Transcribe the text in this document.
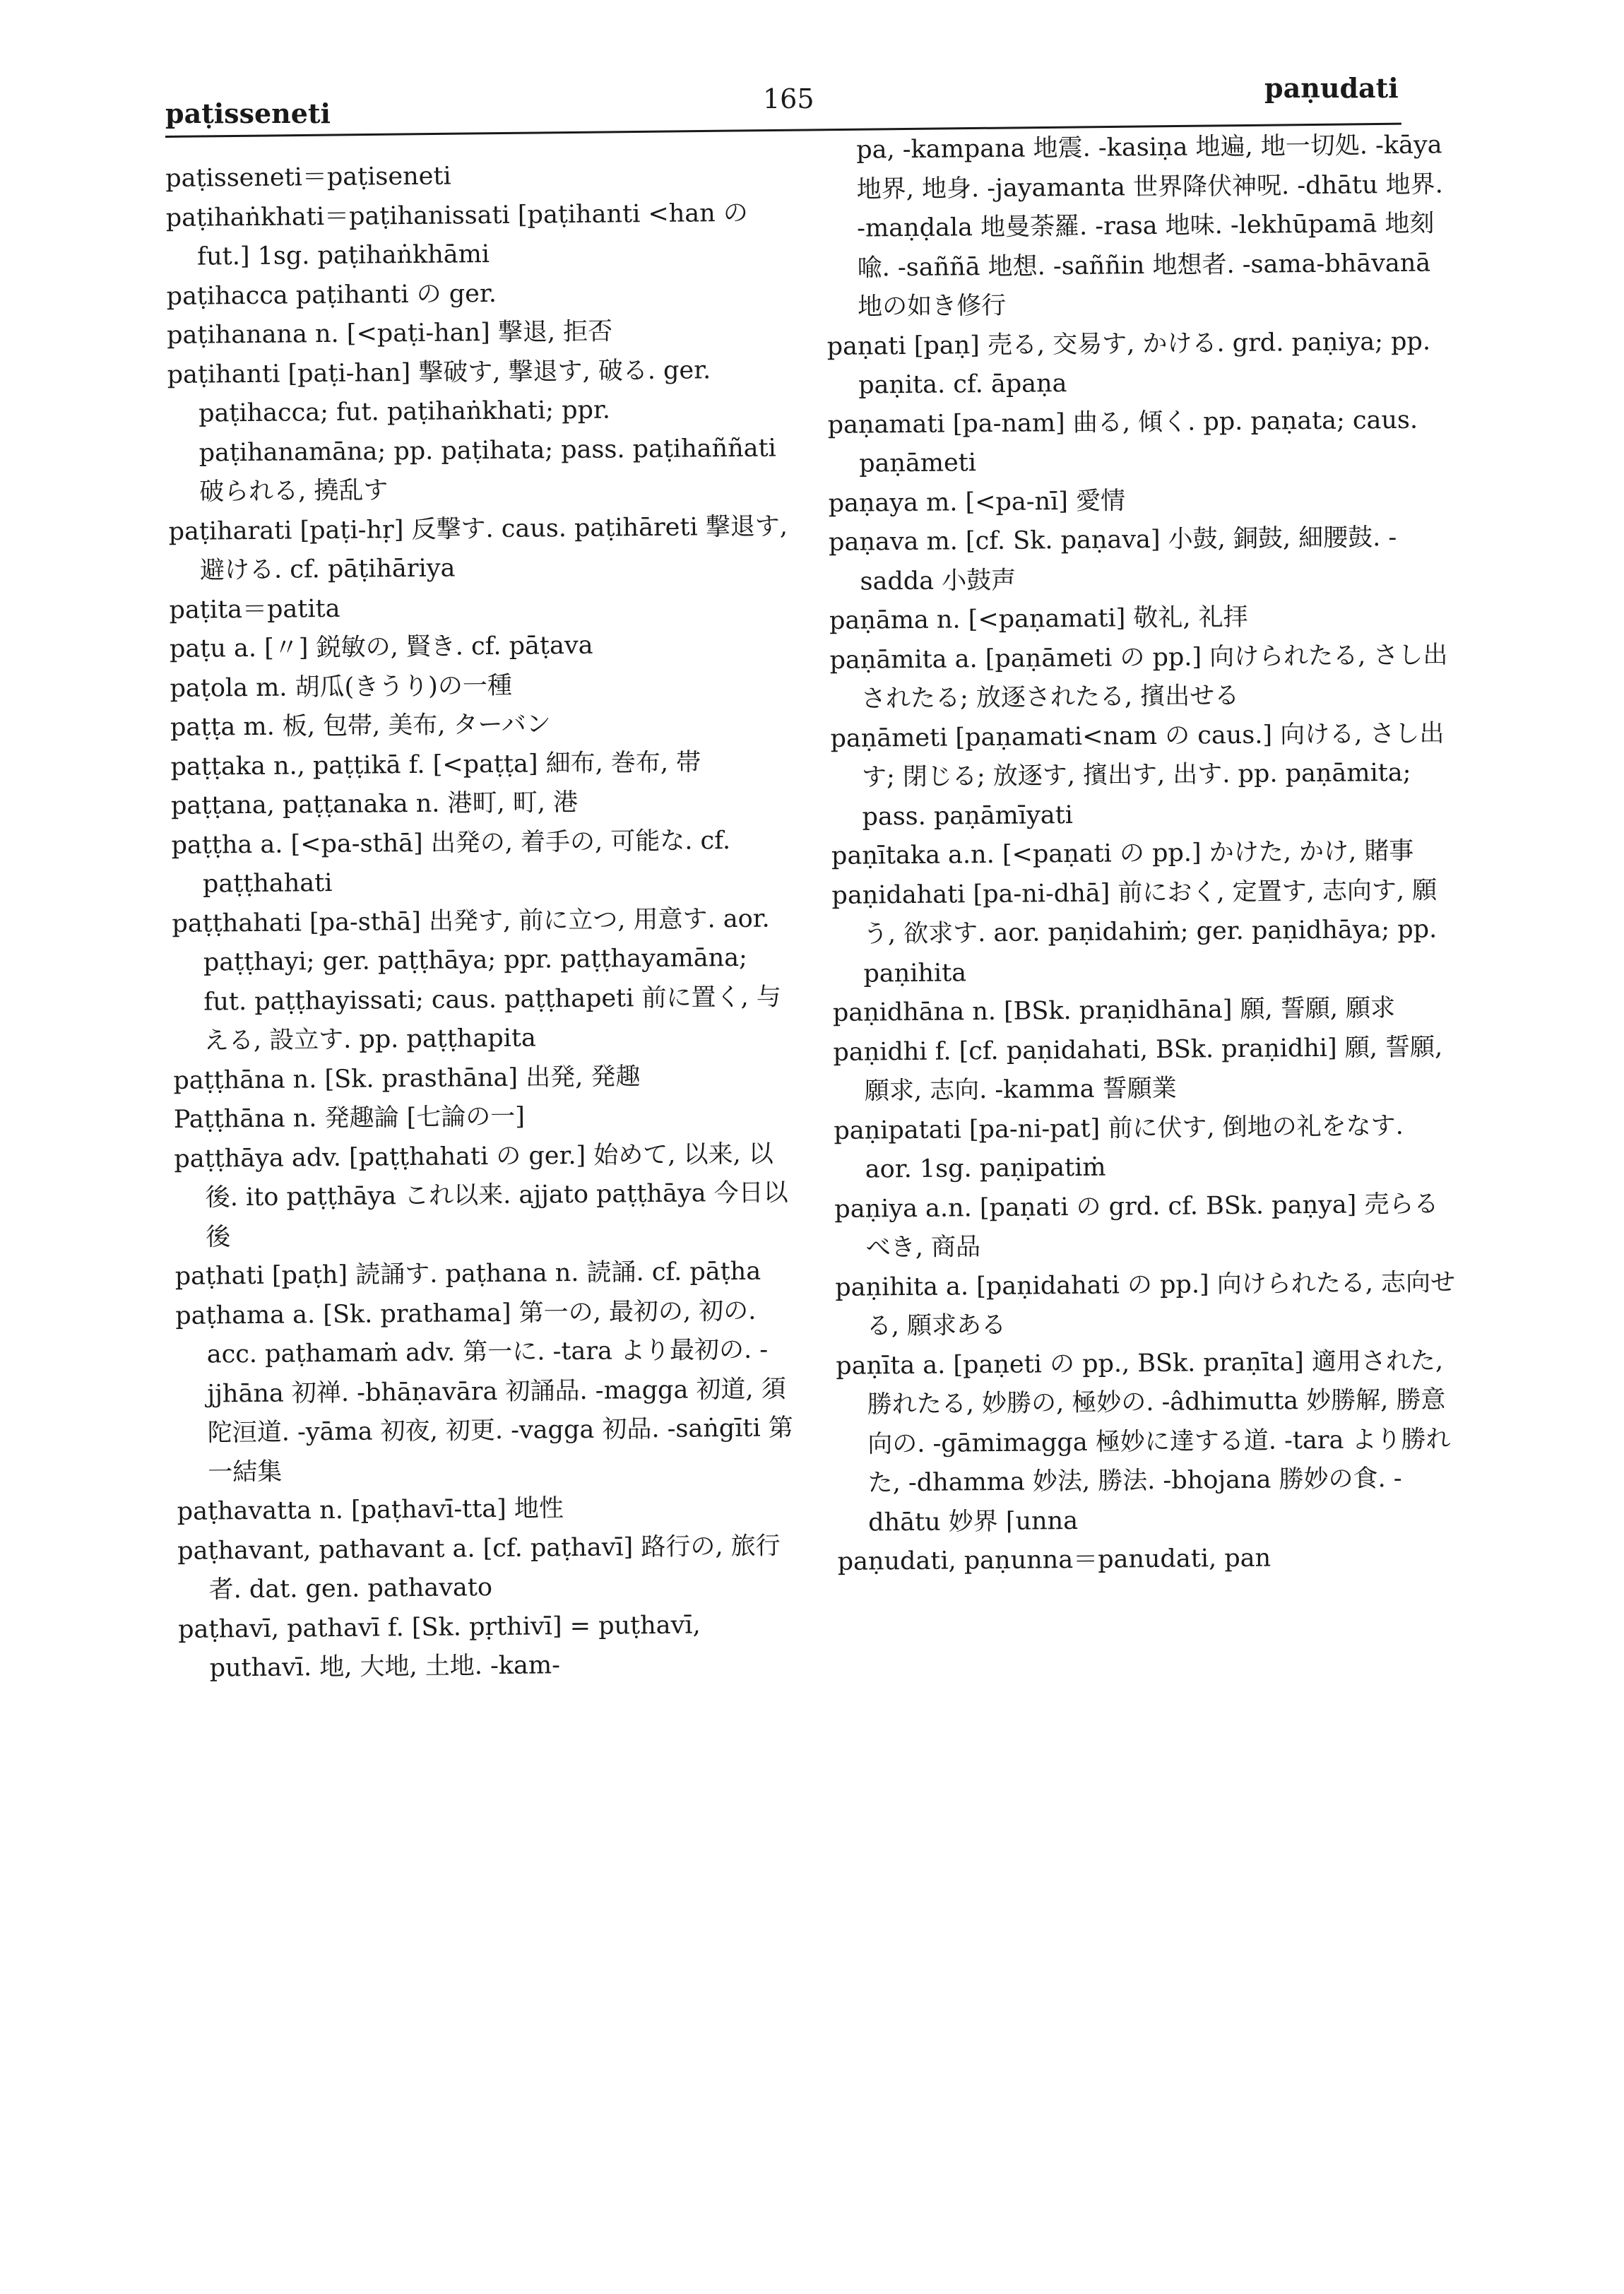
paṭisseneti	165	paṇudati
paṭisseneti＝paṭiseneti
paṭihaṅkhati＝paṭihanissati [paṭihanti <han の fut.] 1sg. paṭihaṅkhāmi
paṭihacca paṭihanti の ger.
paṭihanana n. [<paṭi-han] 撃退, 拒否
paṭihanti [paṭi-han] 撃破す, 撃退す, 破る. ger. paṭihacca; fut. paṭihaṅkhati; ppr. paṭihanamāna; pp. paṭihata; pass. paṭihaññati 破られる, 撓乱す
paṭiharati [paṭi-hṛ] 反撃す. caus. paṭihāreti 撃退す, 避ける. cf. pāṭihāriya
paṭita＝patita
paṭu a. [〃] 鋭敏の, 賢き. cf. pāṭava
paṭola m. 胡瓜(きうり)の一種
paṭṭa m. 板, 包帯, 美布, ターバン
paṭṭaka n., paṭṭikā f. [<paṭṭa] 細布, 巻布, 帯
paṭṭana, paṭṭanaka n. 港町, 町, 港
paṭṭha a. [<pa-sthā] 出発の, 着手の, 可能な. cf. paṭṭhahati
paṭṭhahati [pa-sthā] 出発す, 前に立つ, 用意す. aor. paṭṭhayi; ger. paṭṭhāya; ppr. paṭṭhayamāna; fut. paṭṭhayissati; caus. paṭṭhapeti 前に置く, 与える, 設立す. pp. paṭṭhapita
paṭṭhāna n. [Sk. prasthāna] 出発, 発趣
Paṭṭhāna n. 発趣論 [七論の一]
paṭṭhāya adv. [paṭṭhahati の ger.] 始めて, 以来, 以後. ito paṭṭhāya これ以来. ajjato paṭṭhāya 今日以後
paṭhati [paṭh] 読誦す. paṭhana n. 読誦. cf. pāṭha
paṭhama a. [Sk. prathama] 第一の, 最初の, 初の. acc. paṭhamaṁ adv. 第一に. -tara より最初の. -jjhāna 初禅. -bhāṇavāra 初誦品. -magga 初道, 須陀洹道. -yāma 初夜, 初更. -vagga 初品. -saṅgīti 第一結集
paṭhavatta n. [paṭhavī-tta] 地性
paṭhavant, pathavant a. [cf. paṭhavī] 路行の, 旅行者. dat. gen. pathavato
paṭhavī, pathavī f. [Sk. pṛthivī] = puṭhavī, puthavī. 地, 大地, 土地. -kam-
pa, -kampana 地震. -kasiṇa 地遍, 地一切処. -kāya 地界, 地身. -jayamanta 世界降伏神呪. -dhātu 地界. -maṇḍala 地曼荼羅. -rasa 地味. -lekhūpamā 地刻喩. -saññā 地想. -saññin 地想者. -sama-bhāvanā 地の如き修行
paṇati [paṇ] 売る, 交易す, かける. grd. paṇiya; pp. paṇita. cf. āpaṇa
paṇamati [pa-nam] 曲る, 傾く. pp. paṇata; caus. paṇāmeti
paṇaya m. [<pa-nī] 愛情
paṇava m. [cf. Sk. paṇava] 小鼓, 銅鼓, 細腰鼓. -sadda 小鼓声
paṇāma n. [<paṇamati] 敬礼, 礼拝
paṇāmita a. [paṇāmeti の pp.] 向けられたる, さし出されたる; 放逐されたる, 擯出せる
paṇāmeti [paṇamati<nam の caus.] 向ける, さし出す; 閉じる; 放逐す, 擯出す, 出す. pp. paṇāmita; pass. paṇāmīyati
paṇītaka a.n. [<paṇati の pp.] かけた, かけ, 賭事
paṇidahati [pa-ni-dhā] 前におく, 定置す, 志向す, 願う, 欲求す. aor. paṇidahiṁ; ger. paṇidhāya; pp. paṇihita
paṇidhāna n. [BSk. praṇidhāna] 願, 誓願, 願求
paṇidhi f. [cf. paṇidahati, BSk. praṇidhi] 願, 誓願, 願求, 志向. -kamma 誓願業
paṇipatati [pa-ni-pat] 前に伏す, 倒地の礼をなす. aor. 1sg. paṇipatiṁ
paṇiya a.n. [paṇati の grd. cf. BSk. paṇya] 売らるべき, 商品
paṇihita a. [paṇidahati の pp.] 向けられたる, 志向せる, 願求ある
paṇīta a. [paṇeti の pp., BSk. praṇīta] 適用された, 勝れたる, 妙勝の, 極妙の. -âdhimutta 妙勝解, 勝意向の. -gāmimagga 極妙に達する道. -tara より勝れた, -dhamma 妙法, 勝法. -bhojana 勝妙の食. -dhātu 妙界 ⌈unna
paṇudati, paṇunna＝panudati, pan
